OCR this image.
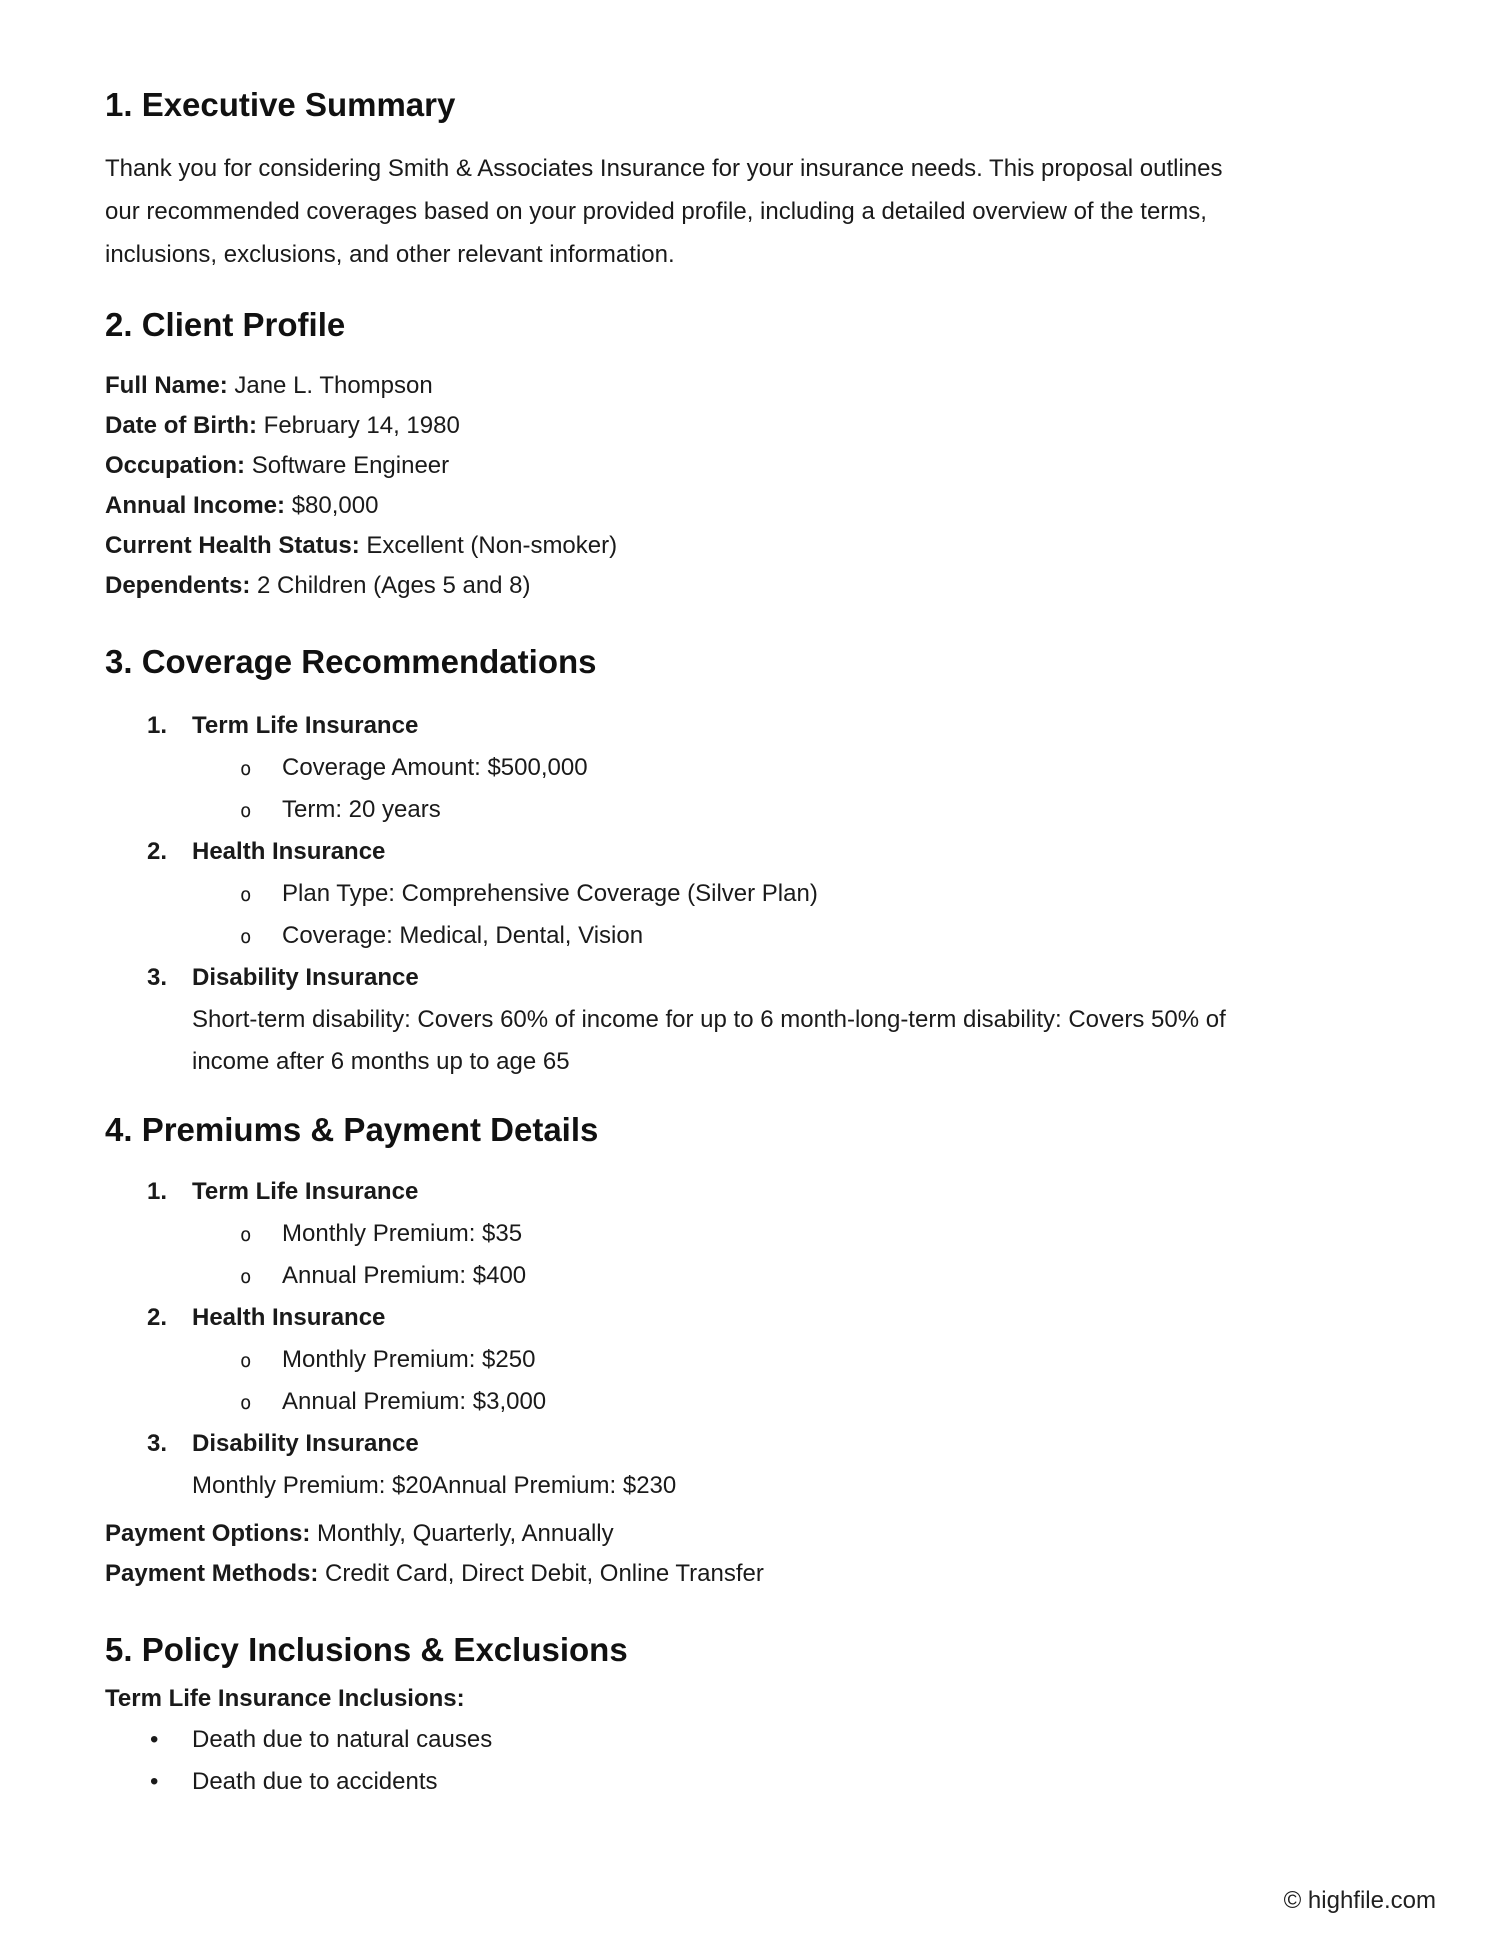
1. Executive Summary
Thank you for considering Smith & Associates Insurance for your insurance needs. This proposal outlines
our recommended coverages based on your provided profile, including a detailed overview of the terms,
inclusions, exclusions, and other relevant information.
2. Client Profile
Full Name: Jane L. Thompson
Date of Birth: February 14, 1980
Occupation: Software Engineer
Annual Income: $80,000
Current Health Status: Excellent (Non-smoker)
Dependents: 2 Children (Ages 5 and 8)
3. Coverage Recommendations
1. Term Life Insurance
o Coverage Amount: $500,000
o Term: 20 years
2. Health Insurance
o Plan Type: Comprehensive Coverage (Silver Plan)
o Coverage: Medical, Dental, Vision
3. Disability Insurance
Short-term disability: Covers 60% of income for up to 6 month-long-term disability: Covers 50% of
income after 6 months up to age 65
4. Premiums & Payment Details
1. Term Life Insurance
o Monthly Premium: $35
o Annual Premium: $400
2. Health Insurance
o Monthly Premium: $250
o Annual Premium: $3,000
3. Disability Insurance
Monthly Premium: $20Annual Premium: $230
Payment Options: Monthly, Quarterly, Annually
Payment Methods: Credit Card, Direct Debit, Online Transfer
5. Policy Inclusions & Exclusions
Term Life Insurance Inclusions:
• Death due to natural causes
• Death due to accidents
© highfile.com
